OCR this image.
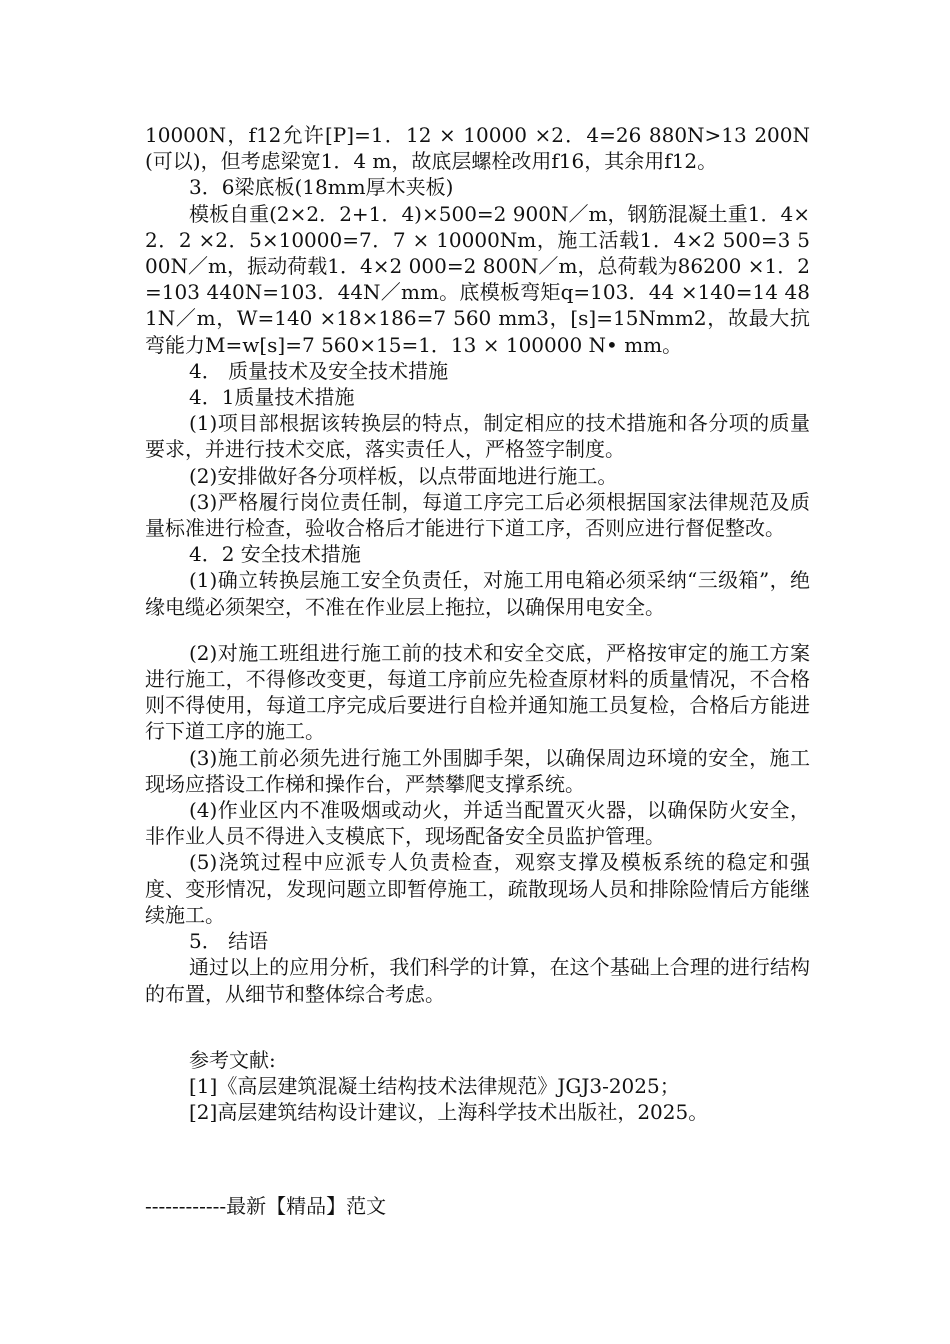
10000N，f12允许[P]=1．12 × 10000 ×2．4=26 880N>13 200N(可以)，但考虑梁宽1．4 m，故底层螺栓改用f16，其余用f12。

3．6梁底板(18mm厚木夹板)

模板自重(2×2．2+1．4)×500=2 900N／m，钢筋混凝土重1．4×2．2 ×2．5×10000=7．7 × 10000Nm，施工活载1．4×2 500=3 500N／m，振动荷载1．4×2 000=2 800N／m，总荷载为86200 ×1．2=103 440N=103．44N／mm。底模板弯矩q=103．44 ×140=14 481N／m，W=140 ×18×186=7 560 mm3，[s]=15Nmm2，故最大抗弯能力M=w[s]=7 560×15=1．13 × 100000 N• mm。

4． 质量技术及安全技术措施

4．1质量技术措施

(1)项目部根据该转换层的特点，制定相应的技术措施和各分项的质量要求，并进行技术交底，落实责任人，严格签字制度。

(2)安排做好各分项样板，以点带面地进行施工。

(3)严格履行岗位责任制，每道工序完工后必须根据国家法律规范及质量标准进行检查，验收合格后才能进行下道工序，否则应进行督促整改。

4．2 安全技术措施

(1)确立转换层施工安全负责任，对施工用电箱必须采纳“三级箱”，绝缘电缆必须架空，不准在作业层上拖拉，以确保用电安全。

(2)对施工班组进行施工前的技术和安全交底，严格按审定的施工方案进行施工，不得修改变更，每道工序前应先检查原材料的质量情况，不合格则不得使用，每道工序完成后要进行自检并通知施工员复检，合格后方能进行下道工序的施工。

(3)施工前必须先进行施工外围脚手架，以确保周边环境的安全，施工现场应搭设工作梯和操作台，严禁攀爬支撑系统。

(4)作业区内不准吸烟或动火，并适当配置灭火器，以确保防火安全，非作业人员不得进入支模底下，现场配备安全员监护管理。

(5)浇筑过程中应派专人负责检查，观察支撑及模板系统的稳定和强度、变形情况，发现问题立即暂停施工，疏散现场人员和排除险情后方能继续施工。

5． 结语

通过以上的应用分析，我们科学的计算，在这个基础上合理的进行结构的布置，从细节和整体综合考虑。

参考文献:

[1]《高层建筑混凝土结构技术法律规范》JGJ3-2025；

[2]高层建筑结构设计建议，上海科学技术出版社，2025。

------------最新【精品】范文
